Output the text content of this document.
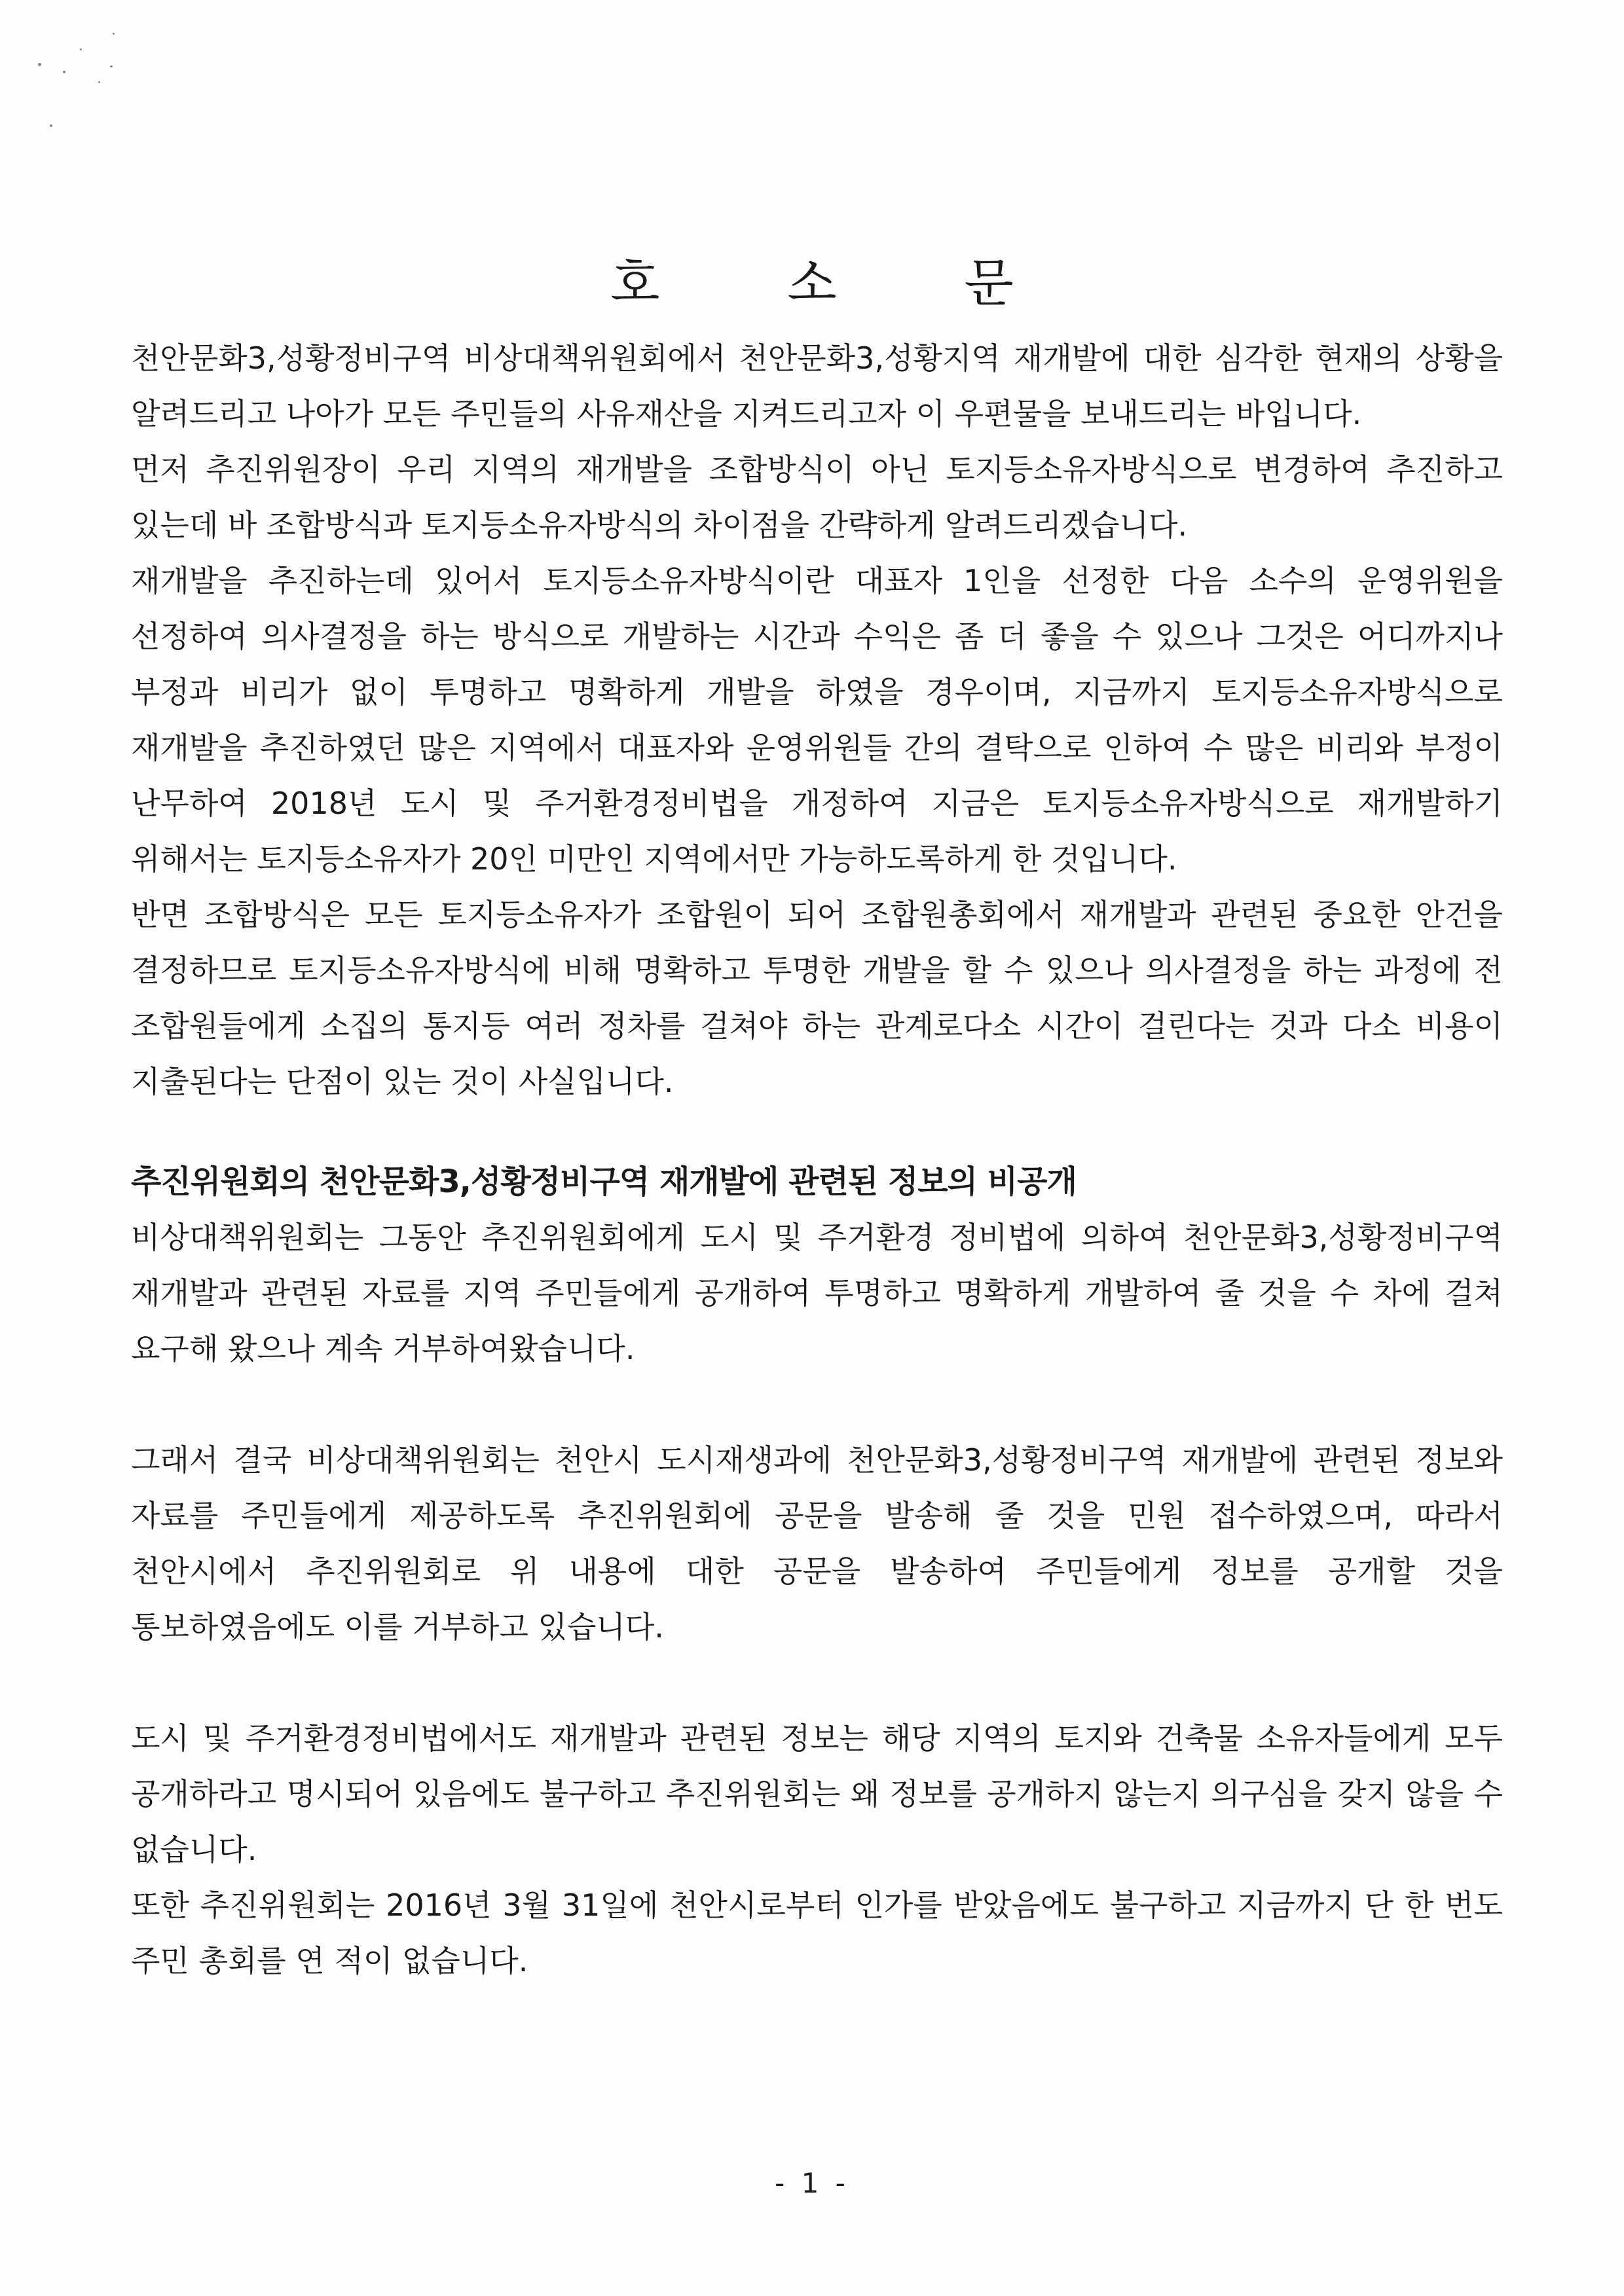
호 소 문

천안문화3,성황정비구역 비상대책위원회에서 천안문화3,성황지역 재개발에 대한 심각한 현재의 상황을 알려드리고 나아가 모든 주민들의 사유재산을 지켜드리고자 이 우편물을 보내드리는 바입니다.

먼저 추진위원장이 우리 지역의 재개발을 조합방식이 아닌 토지등소유자방식으로 변경하여 추진하고 있는데 바 조합방식과 토지등소유자방식의 차이점을 간략하게 알려드리겠습니다.

재개발을 추진하는데 있어서 토지등소유자방식이란 대표자 1인을 선정한 다음 소수의 운영위원을 선정하여 의사결정을 하는 방식으로 개발하는 시간과 수익은 좀 더 좋을 수 있으나 그것은 어디까지나 부정과 비리가 없이 투명하고 명확하게 개발을 하였을 경우이며, 지금까지 토지등소유자방식으로 재개발을 추진하였던 많은 지역에서 대표자와 운영위원들 간의 결탁으로 인하여 수 많은 비리와 부정이 난무하여 2018년 도시 및 주거환경정비법을 개정하여 지금은 토지등소유자방식으로 재개발하기 위해서는 토지등소유자가 20인 미만인 지역에서만 가능하도록하게 한 것입니다.

반면 조합방식은 모든 토지등소유자가 조합원이 되어 조합원총회에서 재개발과 관련된 중요한 안건을 결정하므로 토지등소유자방식에 비해 명확하고 투명한 개발을 할 수 있으나 의사결정을 하는 과정에 전 조합원들에게 소집의 통지등 여러 정차를 걸쳐야 하는 관계로다소 시간이 걸린다는 것과 다소 비용이 지출된다는 단점이 있는 것이 사실입니다.

추진위원회의 천안문화3,성황정비구역 재개발에 관련된 정보의 비공개

비상대책위원회는 그동안 추진위원회에게 도시 및 주거환경 정비법에 의하여 천안문화3,성황정비구역 재개발과 관련된 자료를 지역 주민들에게 공개하여 투명하고 명확하게 개발하여 줄 것을 수 차에 걸쳐 요구해 왔으나 계속 거부하여왔습니다.

그래서 결국 비상대책위원회는 천안시 도시재생과에 천안문화3,성황정비구역 재개발에 관련된 정보와 자료를 주민들에게 제공하도록 추진위원회에 공문을 발송해 줄 것을 민원 접수하였으며, 따라서 천안시에서 추진위원회로 위 내용에 대한 공문을 발송하여 주민들에게 정보를 공개할 것을 통보하였음에도 이를 거부하고 있습니다.

도시 및 주거환경정비법에서도 재개발과 관련된 정보는 해당 지역의 토지와 건축물 소유자들에게 모두 공개하라고 명시되어 있음에도 불구하고 추진위원회는 왜 정보를 공개하지 않는지 의구심을 갖지 않을 수 없습니다.

또한 추진위원회는 2016년 3월 31일에 천안시로부터 인가를 받았음에도 불구하고 지금까지 단 한 번도 주민 총회를 연 적이 없습니다.

- 1 -
